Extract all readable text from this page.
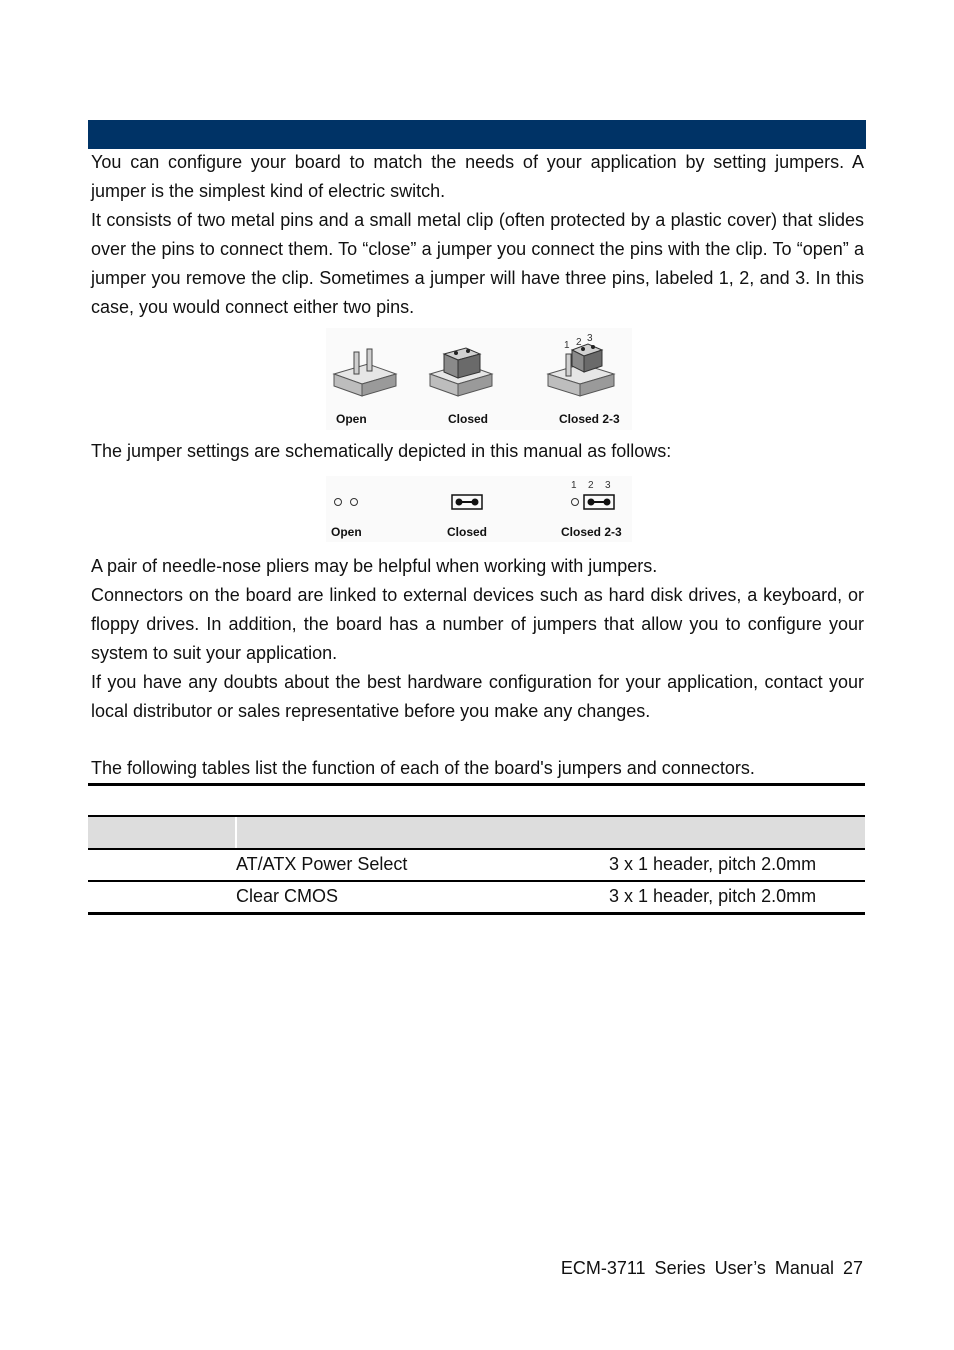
You can configure your board to match the needs of your application by setting jumpers. A jumper is the simplest kind of electric switch.

It consists of two metal pins and a small metal clip (often protected by a plastic cover) that slides over the pins to connect them. To “close” a jumper you connect the pins with the clip. To “open” a jumper you remove the clip. Sometimes a jumper will have three pins, labeled 1, 2, and 3. In this case, you would connect either two pins.

1 2 3
Open	Closed	Closed 2-3

The jumper settings are schematically depicted in this manual as follows:

1 2 3
Open	Closed	Closed 2-3

A pair of needle-nose pliers may be helpful when working with jumpers.

Connectors on the board are linked to external devices such as hard disk drives, a keyboard, or floppy drives. In addition, the board has a number of jumpers that allow you to configure your system to suit your application.

If you have any doubts about the best hardware configuration for your application, contact your local distributor or sales representative before you make any changes.

The following tables list the function of each of the board's jumpers and connectors.

AT/ATX Power Select	3 x 1 header, pitch 2.0mm
Clear CMOS	3 x 1 header, pitch 2.0mm
ECM-3711 Series User’s Manual 27
